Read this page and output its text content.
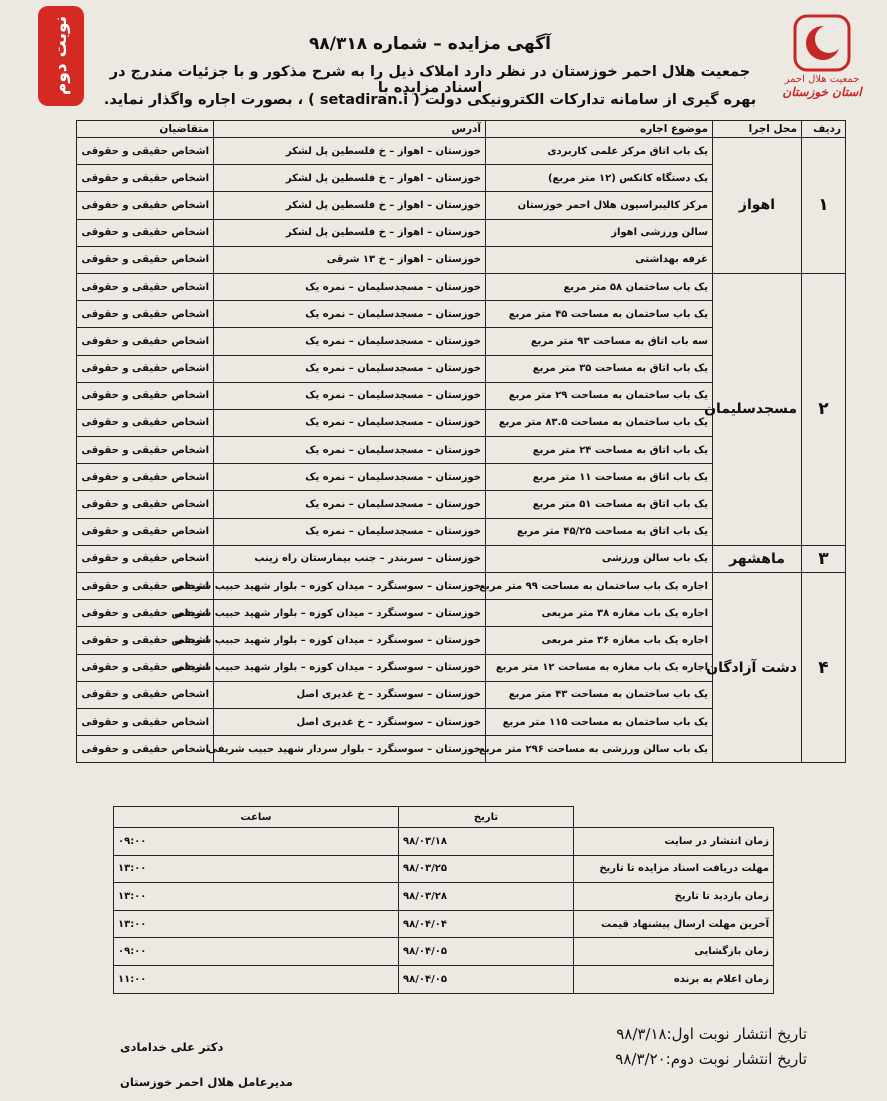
نوبت دوم	جمعیت هلال احمر
استان خوزستان
آگهی مزایده – شماره ۹۸/۳۱۸
جمعیت هلال احمر خوزستان در نظر دارد املاک ذیل را به شرح مذکور و با جزئیات مندرج در اسناد مزایده با
بهره گیری از سامانه تدارکات الکترونیکی دولت ( setadiran.i ) ، بصورت اجاره واگذار نماید.
ردیف	محل اجرا	موضوع اجاره	آدرس	متقاضیان
۱	اهواز	یک باب اتاق مرکز علمی کاربردی	خوزستان – اهواز – خ فلسطین پل لشکر	اشخاص حقیقی و حقوقی
		یک دستگاه کانکس (۱۲ متر مربع)	خوزستان – اهواز – خ فلسطین پل لشکر	اشخاص حقیقی و حقوقی
		مرکز کالیبراسیون هلال احمر خوزستان	خوزستان – اهواز – خ فلسطین پل لشکر	اشخاص حقیقی و حقوقی
		سالن ورزشی اهواز	خوزستان – اهواز – خ فلسطین پل لشکر	اشخاص حقیقی و حقوقی
		غرفه بهداشتی	خوزستان – اهواز – خ ۱۳ شرقی	اشخاص حقیقی و حقوقی
۲	مسجدسلیمان	یک باب ساختمان ۵۸ متر مربع	خوزستان – مسجدسلیمان – نمره یک	اشخاص حقیقی و حقوقی
		یک باب ساختمان به مساحت ۴۵ متر مربع	خوزستان – مسجدسلیمان – نمره یک	اشخاص حقیقی و حقوقی
		سه باب اتاق به مساحت ۹۳ متر مربع	خوزستان – مسجدسلیمان – نمره یک	اشخاص حقیقی و حقوقی
		یک باب اتاق به مساحت ۳۵ متر مربع	خوزستان – مسجدسلیمان – نمره یک	اشخاص حقیقی و حقوقی
		یک باب ساختمان به مساحت ۲۹ متر مربع	خوزستان – مسجدسلیمان – نمره یک	اشخاص حقیقی و حقوقی
		یک باب ساختمان به مساحت ۸۳.۵ متر مربع	خوزستان – مسجدسلیمان – نمره یک	اشخاص حقیقی و حقوقی
		یک باب اتاق به مساحت ۲۴ متر مربع	خوزستان – مسجدسلیمان – نمره یک	اشخاص حقیقی و حقوقی
		یک باب اتاق به مساحت ۱۱ متر مربع	خوزستان – مسجدسلیمان – نمره یک	اشخاص حقیقی و حقوقی
		یک باب اتاق به مساحت ۵۱ متر مربع	خوزستان – مسجدسلیمان – نمره یک	اشخاص حقیقی و حقوقی
		یک باب اتاق به مساحت ۴۵/۲۵ متر مربع	خوزستان – مسجدسلیمان – نمره یک	اشخاص حقیقی و حقوقی
۳	ماهشهر	یک باب سالن ورزشی	خوزستان – سربندر – جنب بیمارستان راه زینب	اشخاص حقیقی و حقوقی
۴	دشت آزادگان	اجاره یک باب ساختمان به مساحت ۹۹ متر مربع	خوزستان – سوسنگرد – میدان کوزه – بلوار شهید حبیب شریفی	اشخاص حقیقی و حقوقی
		اجاره یک باب مغازه ۳۸ متر مربعی	خوزستان – سوسنگرد – میدان کوزه – بلوار شهید حبیب شریفی	اشخاص حقیقی و حقوقی
		اجاره یک باب مغازه ۳۶ متر مربعی	خوزستان – سوسنگرد – میدان کوزه – بلوار شهید حبیب شریفی	اشخاص حقیقی و حقوقی
		اجاره یک باب مغازه به مساحت ۱۲ متر مربع	خوزستان – سوسنگرد – میدان کوزه – بلوار شهید حبیب شریفی	اشخاص حقیقی و حقوقی
		یک باب ساختمان به مساحت ۴۳ متر مربع	خوزستان – سوسنگرد – خ غدیری اصل	اشخاص حقیقی و حقوقی
		یک باب ساختمان به مساحت ۱۱۵ متر مربع	خوزستان – سوسنگرد – خ غدیری اصل	اشخاص حقیقی و حقوقی
		یک باب سالن ورزشی به مساحت ۲۹۶ متر مربع	خوزستان – سوسنگرد – بلوار سردار شهید حبیب شریفی	اشخاص حقیقی و حقوقی
	تاریخ	ساعت
زمان انتشار در سایت	۹۸/۰۳/۱۸	۰۹:۰۰
مهلت دریافت اسناد مزایده تا تاریخ	۹۸/۰۳/۲۵	۱۳:۰۰
زمان بازدید تا تاریخ	۹۸/۰۳/۲۸	۱۳:۰۰
آخرین مهلت ارسال پیشنهاد قیمت	۹۸/۰۴/۰۴	۱۳:۰۰
زمان بازگشایی	۹۸/۰۴/۰۵	۰۹:۰۰
زمان اعلام به برنده	۹۸/۰۴/۰۵	۱۱:۰۰
تاریخ انتشار نوبت اول:۹۸/۳/۱۸
تاریخ انتشار نوبت دوم:۹۸/۳/۲۰
دکتر علی خدامادی
مدیرعامل هلال احمر خوزستان
